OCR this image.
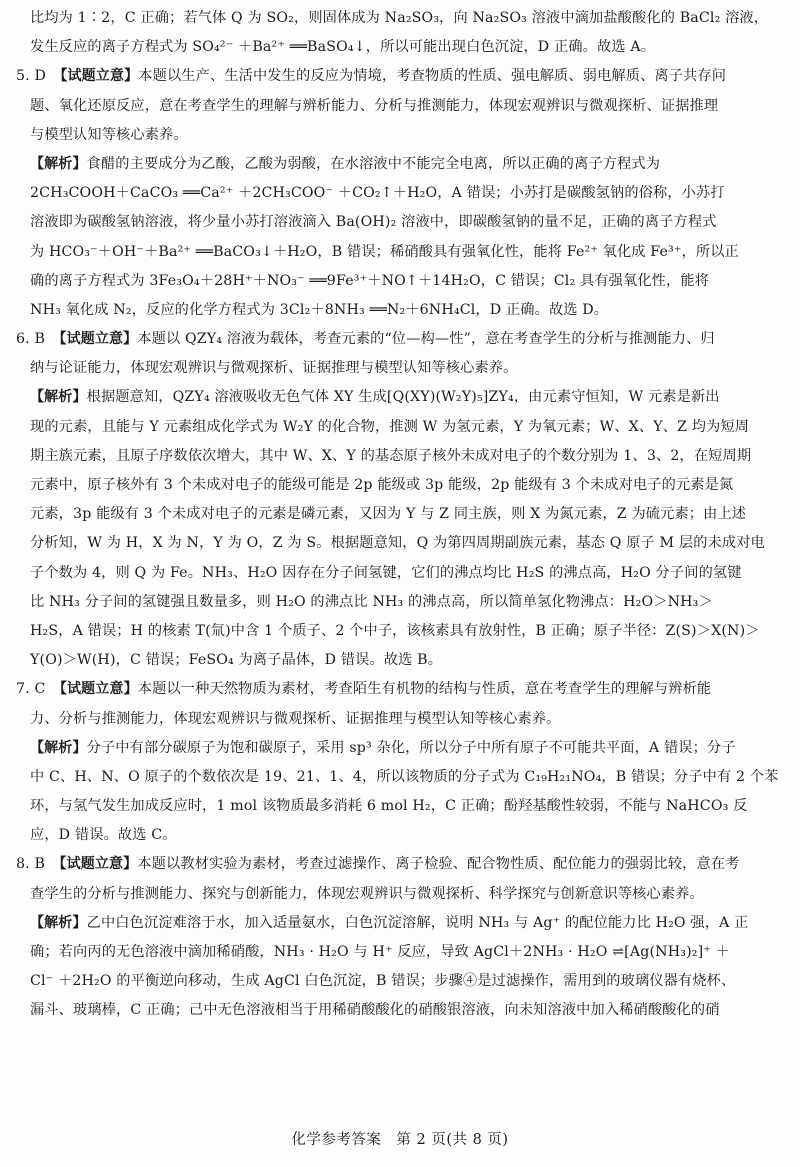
比均为 1∶2，C 正确；若气体 Q 为 SO₂，则固体成为 Na₂SO₃，向 Na₂SO₃ 溶液中滴加盐酸酸化的 BaCl₂ 溶液，
发生反应的离子方程式为 SO₄²⁻ ＋Ba²⁺ ══BaSO₄↓，所以可能出现白色沉淀，D 正确。故选 A。
5. D　【试题立意】本题以生产、生活中发生的反应为情境，考查物质的性质、强电解质、弱电解质、离子共存问
题、氧化还原反应，意在考查学生的理解与辨析能力、分析与推测能力，体现宏观辨识与微观探析、证据推理
与模型认知等核心素养。
【解析】食醋的主要成分为乙酸，乙酸为弱酸，在水溶液中不能完全电离，所以正确的离子方程式为
2CH₃COOH＋CaCO₃ ══Ca²⁺ ＋2CH₃COO⁻ ＋CO₂↑＋H₂O，A 错误；小苏打是碳酸氢钠的俗称，小苏打
溶液即为碳酸氢钠溶液，将少量小苏打溶液滴入 Ba(OH)₂ 溶液中，即碳酸氢钠的量不足，正确的离子方程式
为 HCO₃⁻＋OH⁻＋Ba²⁺ ══BaCO₃↓＋H₂O，B 错误；稀硝酸具有强氧化性，能将 Fe²⁺ 氧化成 Fe³⁺，所以正
确的离子方程式为 3Fe₃O₄＋28H⁺＋NO₃⁻ ══9Fe³⁺＋NO↑＋14H₂O，C 错误；Cl₂ 具有强氧化性，能将
NH₃ 氧化成 N₂，反应的化学方程式为 3Cl₂＋8NH₃ ══N₂＋6NH₄Cl，D 正确。故选 D。
6. B　【试题立意】本题以 QZY₄ 溶液为载体，考查元素的“位—构—性”，意在考查学生的分析与推测能力、归
纳与论证能力，体现宏观辨识与微观探析、证据推理与模型认知等核心素养。
【解析】根据题意知，QZY₄ 溶液吸收无色气体 XY 生成[Q(XY)(W₂Y)₅]ZY₄，由元素守恒知，W 元素是新出
现的元素，且能与 Y 元素组成化学式为 W₂Y 的化合物，推测 W 为氢元素，Y 为氧元素；W、X、Y、Z 均为短周
期主族元素，且原子序数依次增大，其中 W、X、Y 的基态原子核外未成对电子的个数分别为 1、3、2，在短周期
元素中，原子核外有 3 个未成对电子的能级可能是 2p 能级或 3p 能级，2p 能级有 3 个未成对电子的元素是氮
元素，3p 能级有 3 个未成对电子的元素是磷元素，又因为 Y 与 Z 同主族，则 X 为氮元素，Z 为硫元素；由上述
分析知，W 为 H，X 为 N，Y 为 O，Z 为 S。根据题意知，Q 为第四周期副族元素，基态 Q 原子 M 层的未成对电
子个数为 4，则 Q 为 Fe。NH₃、H₂O 因存在分子间氢键，它们的沸点均比 H₂S 的沸点高，H₂O 分子间的氢键
比 NH₃ 分子间的氢键强且数量多，则 H₂O 的沸点比 NH₃ 的沸点高，所以简单氢化物沸点：H₂O＞NH₃＞
H₂S，A 错误；H 的核素 T(氚)中含 1 个质子、2 个中子，该核素具有放射性，B 正确；原子半径：Z(S)＞X(N)＞
Y(O)＞W(H)，C 错误；FeSO₄ 为离子晶体，D 错误。故选 B。
7. C　【试题立意】本题以一种天然物质为素材，考查陌生有机物的结构与性质，意在考查学生的理解与辨析能
力、分析与推测能力，体现宏观辨识与微观探析、证据推理与模型认知等核心素养。
【解析】分子中有部分碳原子为饱和碳原子，采用 sp³ 杂化，所以分子中所有原子不可能共平面，A 错误；分子
中 C、H、N、O 原子的个数依次是 19、21、1、4，所以该物质的分子式为 C₁₉H₂₁NO₄，B 错误；分子中有 2 个苯
环，与氢气发生加成反应时，1 mol 该物质最多消耗 6 mol H₂，C 正确；酚羟基酸性较弱，不能与 NaHCO₃ 反
应，D 错误。故选 C。
8. B　【试题立意】本题以教材实验为素材，考查过滤操作、离子检验、配合物性质、配位能力的强弱比较，意在考
查学生的分析与推测能力、探究与创新能力，体现宏观辨识与微观探析、科学探究与创新意识等核心素养。
【解析】乙中白色沉淀难溶于水，加入适量氨水，白色沉淀溶解，说明 NH₃ 与 Ag⁺ 的配位能力比 H₂O 强，A 正
确；若向丙的无色溶液中滴加稀硝酸，NH₃ · H₂O 与 H⁺ 反应，导致 AgCl＋2NH₃ · H₂O ⇌[Ag(NH₃)₂]⁺ ＋
Cl⁻ ＋2H₂O 的平衡逆向移动，生成 AgCl 白色沉淀，B 错误；步骤④是过滤操作，需用到的玻璃仪器有烧杯、
漏斗、玻璃棒，C 正确；己中无色溶液相当于用稀硝酸酸化的硝酸银溶液，向未知溶液中加入稀硝酸酸化的硝
化学参考答案　第 2 页(共 8 页)
